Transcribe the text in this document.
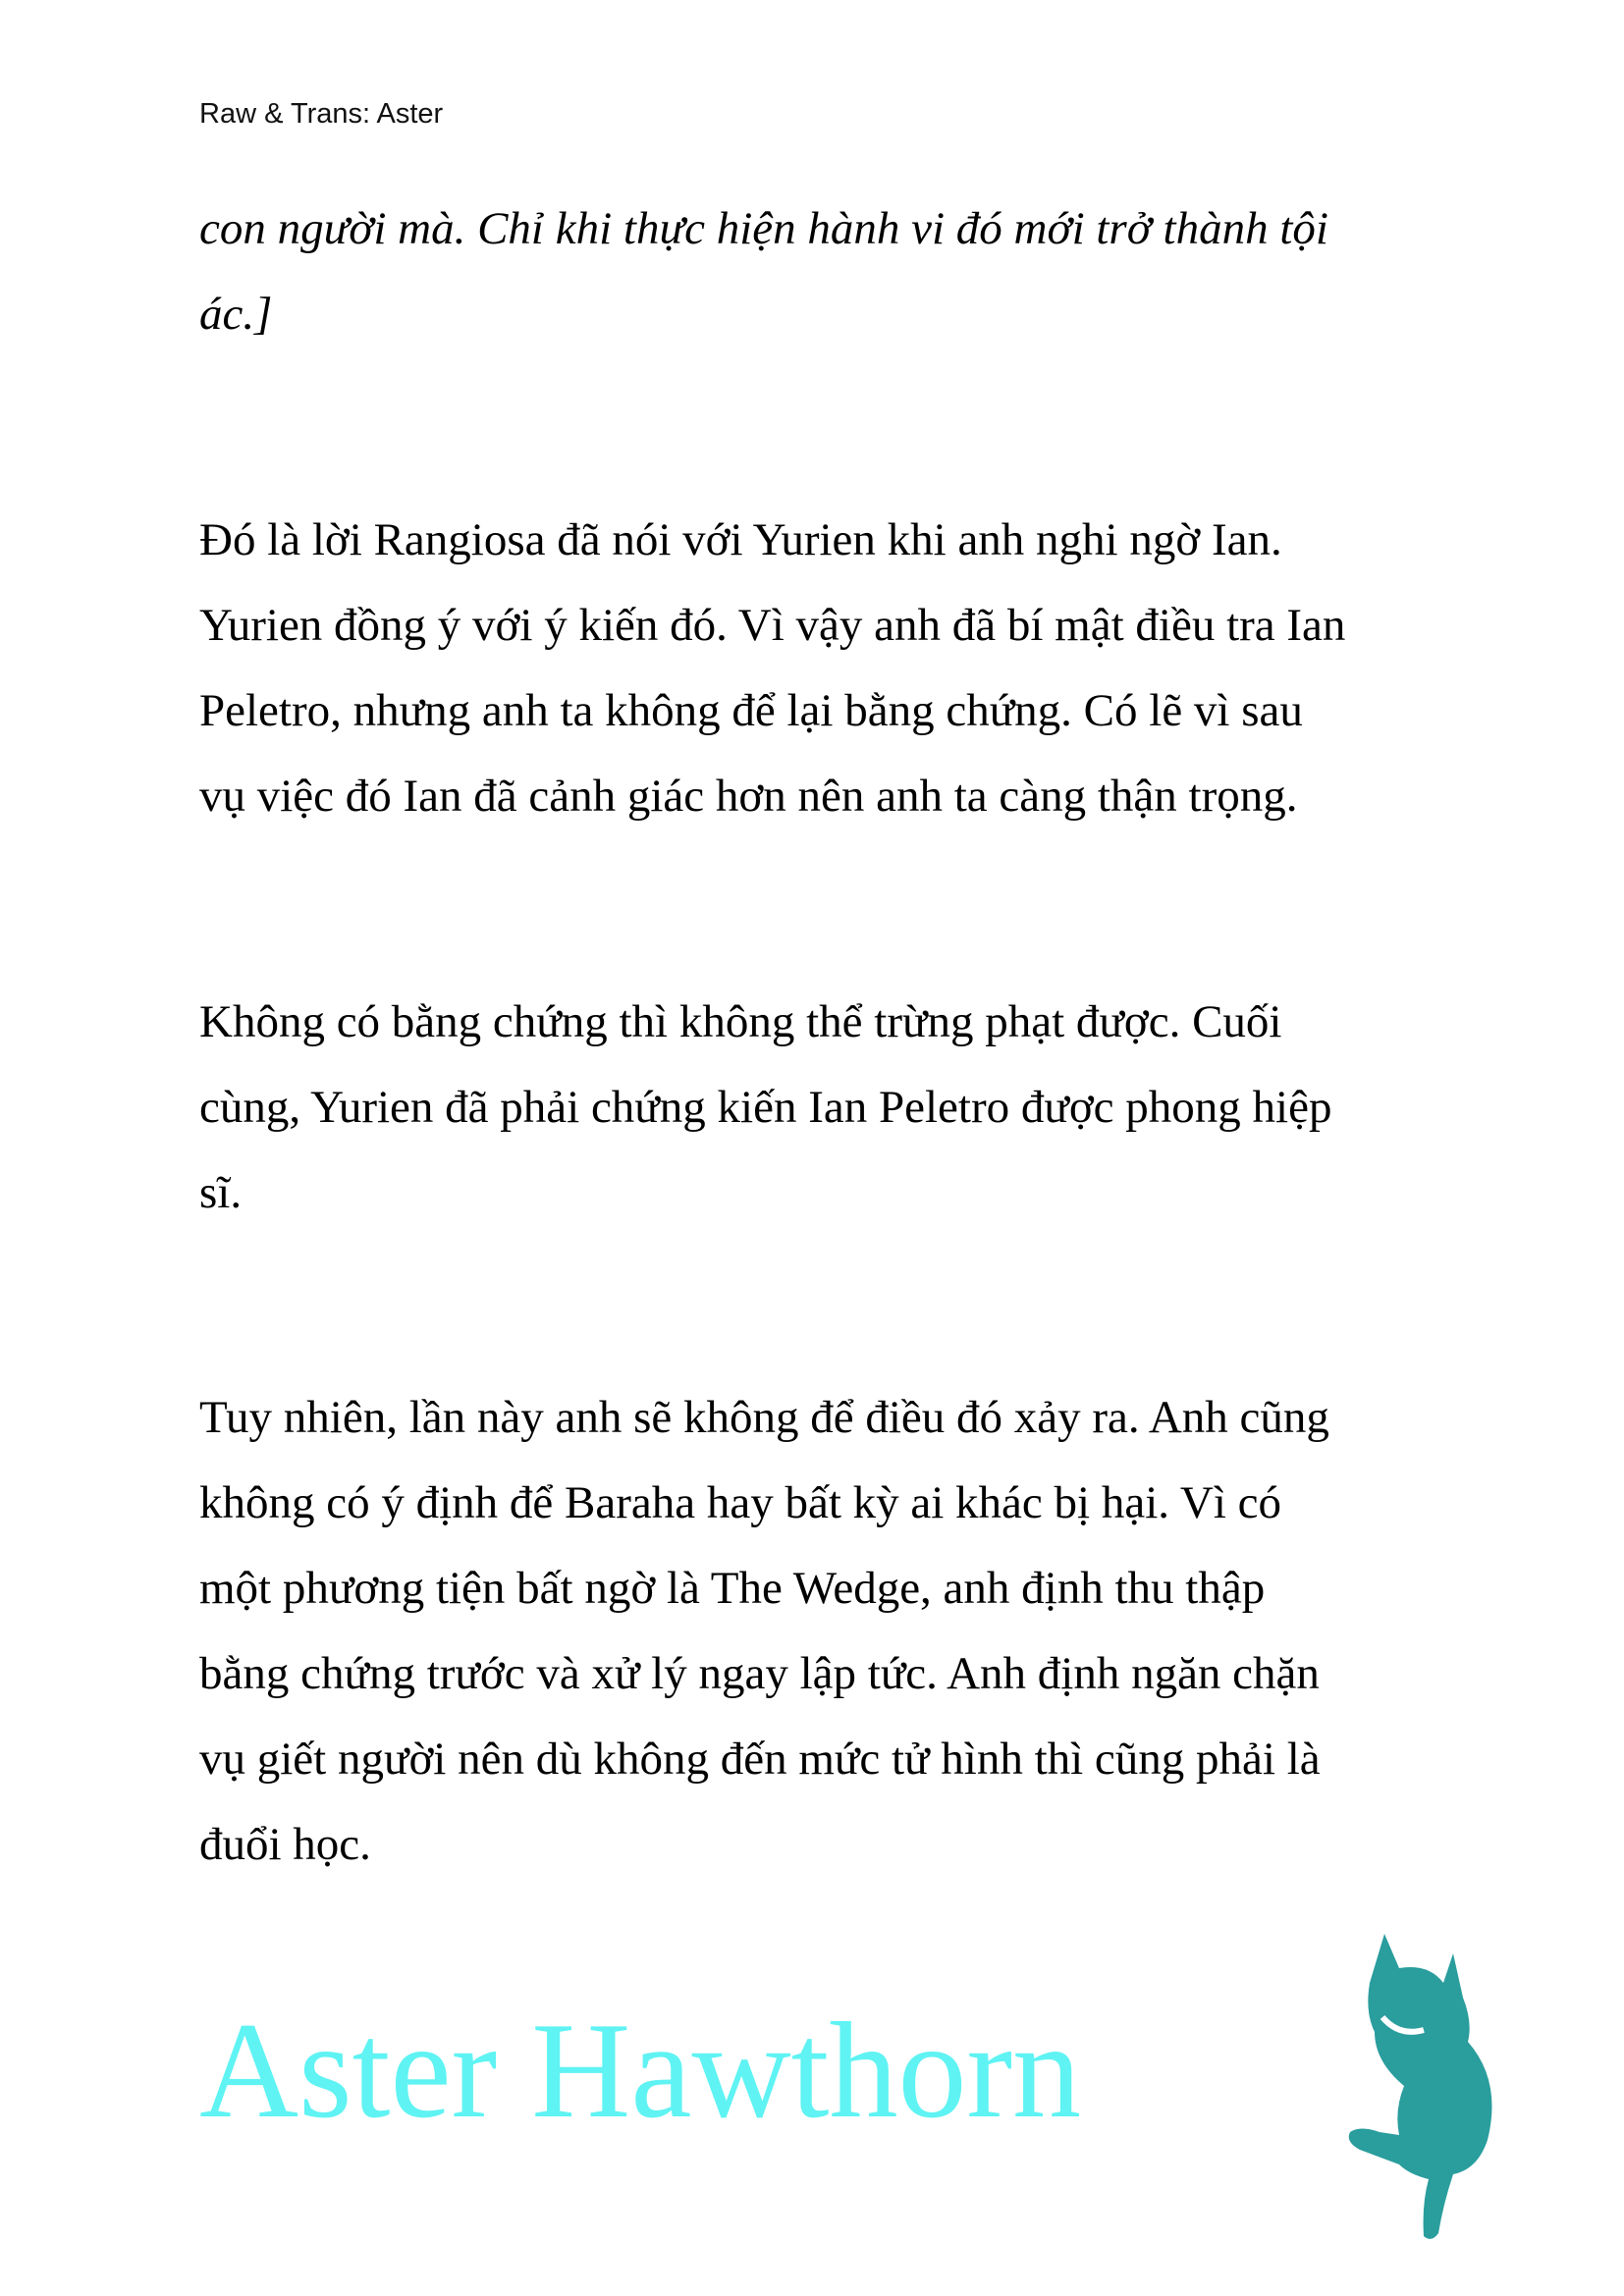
Raw & Trans: Aster
con người mà. Chỉ khi thực hiện hành vi đó mới trở thành tội
ác.]
Đó là lời Rangiosa đã nói với Yurien khi anh nghi ngờ Ian.
Yurien đồng ý với ý kiến đó. Vì vậy anh đã bí mật điều tra Ian
Peletro, nhưng anh ta không để lại bằng chứng. Có lẽ vì sau
vụ việc đó Ian đã cảnh giác hơn nên anh ta càng thận trọng.
Không có bằng chứng thì không thể trừng phạt được. Cuối
cùng, Yurien đã phải chứng kiến Ian Peletro được phong hiệp
sĩ.
Tuy nhiên, lần này anh sẽ không để điều đó xảy ra. Anh cũng
không có ý định để Baraha hay bất kỳ ai khác bị hại. Vì có
một phương tiện bất ngờ là The Wedge, anh định thu thập
bằng chứng trước và xử lý ngay lập tức. Anh định ngăn chặn
vụ giết người nên dù không đến mức tử hình thì cũng phải là
đuổi học.
Aster Hawthorn
